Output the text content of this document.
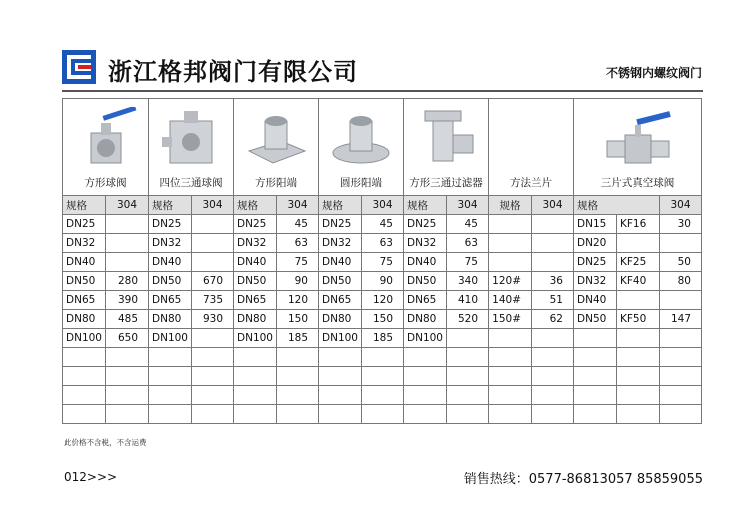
浙江格邦阀门有限公司	不锈钢内螺纹阀门
方形球阀		四位三通球阀		方形阳端		圆形阳端		方形三通过滤器		方法兰片		三片式真空球阀		

规格	304	规格	304	规格	304	规格	304	规格	304	规格	304	规格		304
DN25		DN25		DN25	45	DN25	45	DN25	45			DN15	KF16	30
DN32		DN32		DN32	63	DN32	63	DN32	63			DN20		
DN40		DN40		DN40	75	DN40	75	DN40	75			DN25	KF25	50
DN50	280	DN50	670	DN50	90	DN50	90	DN50	340	120#	36	DN32	KF40	80
DN65	390	DN65	735	DN65	120	DN65	120	DN65	410	140#	51	DN40		
DN80	485	DN80	930	DN80	150	DN80	150	DN80	520	150#	62	DN50	KF50	147
DN100	650	DN100		DN100	185	DN100	185	DN100						

此价格不含税，不含运费
012>>>	销售热线：0577-86813057 85859055
